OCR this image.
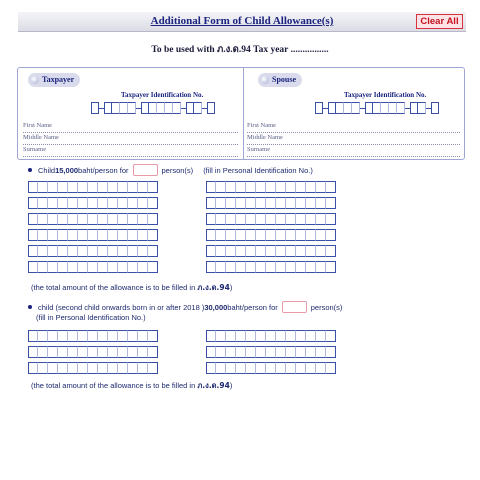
Additional Form of Child Allowance(s)	Clear All
To be used with ภ.ง.ด.94 Tax year ................
Taxpayer
Taxpayer Identification No.
First Name
Middle Name
Surname
Spouse
Taxpayer Identification No.
First Name
Middle Name
Surname
Child 15,000 baht/person for	person(s) (fill in Personal Identification No.)
(the total amount of the allowance is to be filled in ภ.ง.ด.94)
child (second child onwards born in or after 2018 ) 30,000 baht/person for	person(s)
(fill in Personal Identification No.)
(the total amount of the allowance is to be filled in ภ.ง.ด.94)
